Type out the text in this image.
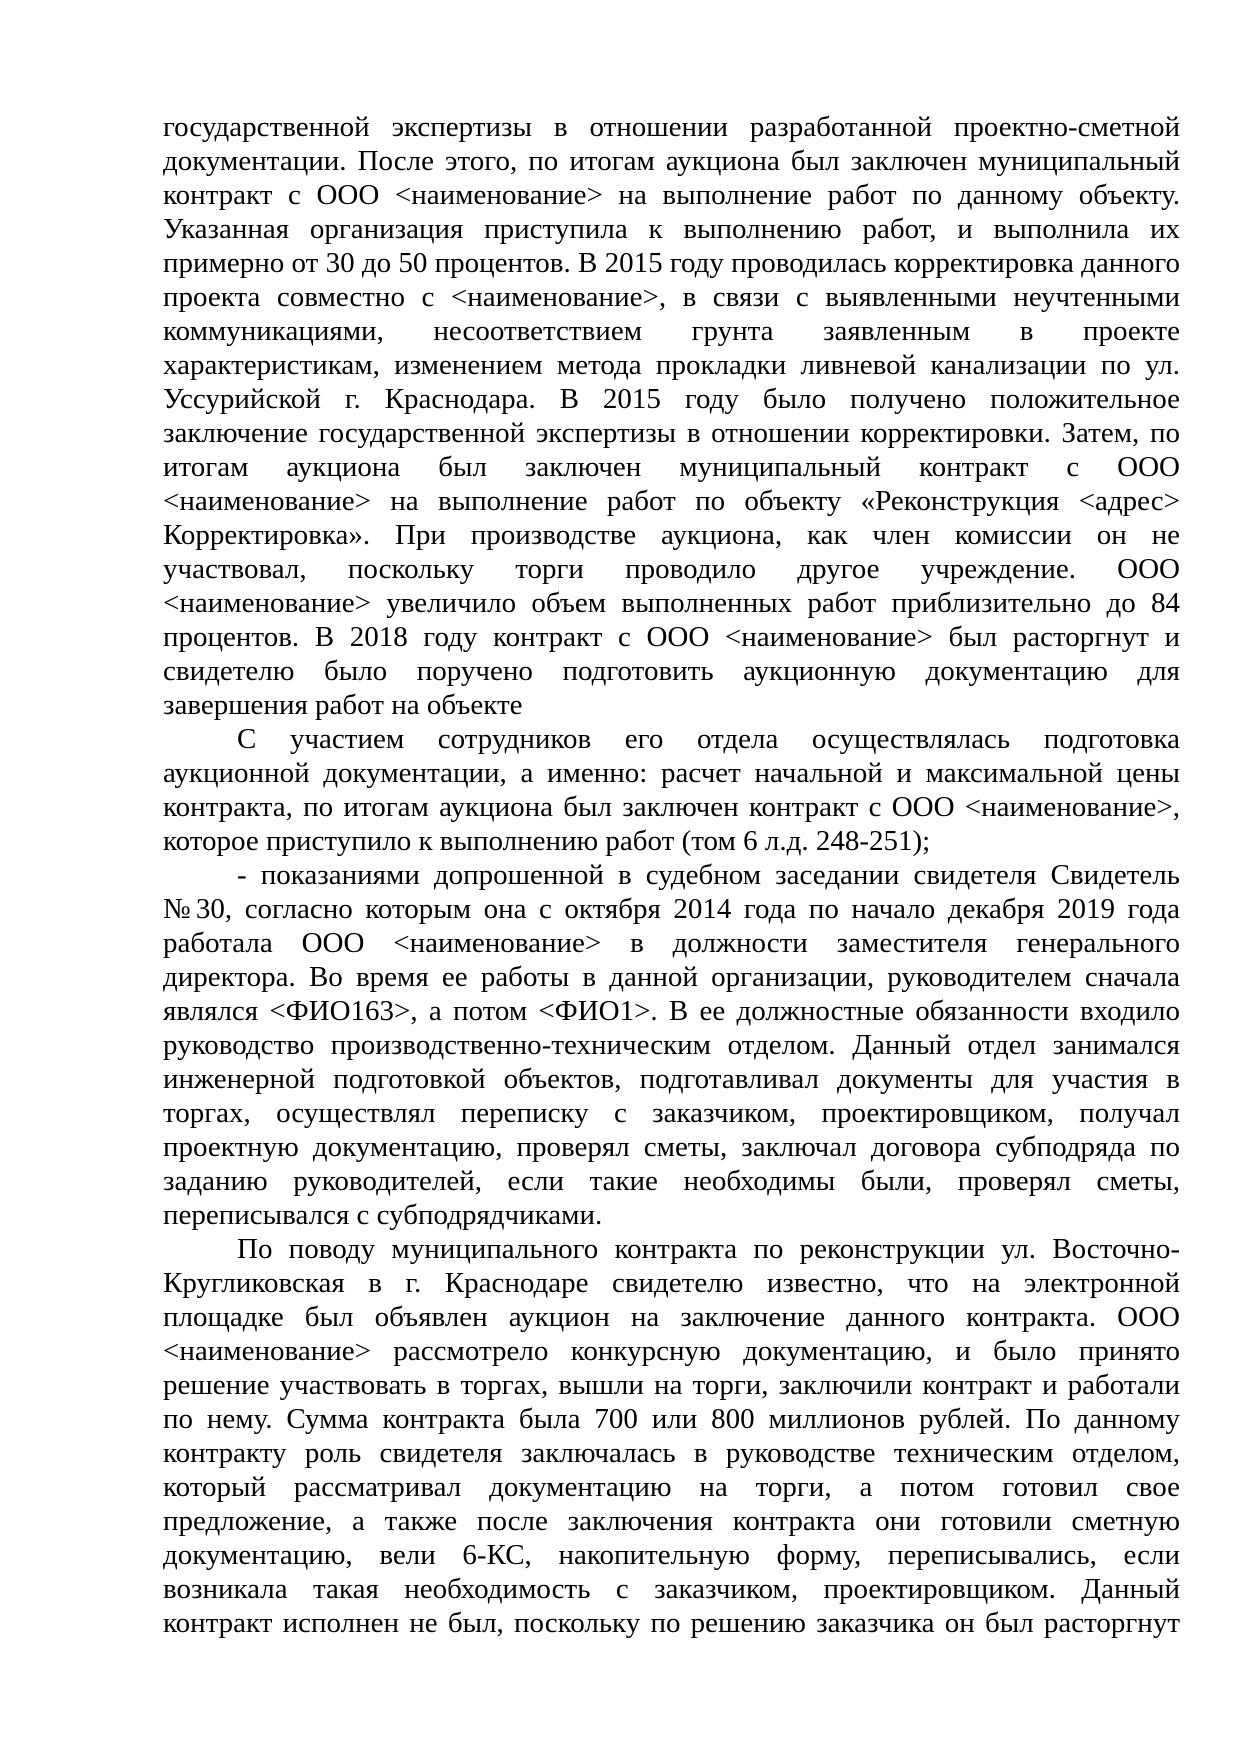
государственной экспертизы в отношении разработанной проектно-сметной
документации. После этого, по итогам аукциона был заключен муниципальный
контракт с ООО <наименование> на выполнение работ по данному объекту.
Указанная организация приступила к выполнению работ, и выполнила их
примерно от 30 до 50 процентов. В 2015 году проводилась корректировка данного
проекта совместно с <наименование>, в связи с выявленными неучтенными
коммуникациями, несоответствием грунта заявленным в проекте
характеристикам, изменением метода прокладки ливневой канализации по ул.
Уссурийской г. Краснодара. В 2015 году было получено положительное
заключение государственной экспертизы в отношении корректировки. Затем, по
итогам аукциона был заключен муниципальный контракт с ООО
<наименование> на выполнение работ по объекту «Реконструкция <адрес>
Корректировка». При производстве аукциона, как член комиссии он не
участвовал, поскольку торги проводило другое учреждение. ООО
<наименование> увеличило объем выполненных работ приблизительно до 84
процентов. В 2018 году контракт с ООО <наименование> был расторгнут и
свидетелю было поручено подготовить аукционную документацию для
завершения работ на объекте
С участием сотрудников его отдела осуществлялась подготовка
аукционной документации, а именно: расчет начальной и максимальной цены
контракта, по итогам аукциона был заключен контракт с ООО <наименование>,
которое приступило к выполнению работ (том 6 л.д. 248-251);
- показаниями допрошенной в судебном заседании свидетеля Свидетель
№30, согласно которым она с октября 2014 года по начало декабря 2019 года
работала ООО <наименование> в должности заместителя генерального
директора. Во время ее работы в данной организации, руководителем сначала
являлся <ФИО163>, а потом <ФИО1>. В ее должностные обязанности входило
руководство производственно-техническим отделом. Данный отдел занимался
инженерной подготовкой объектов, подготавливал документы для участия в
торгах, осуществлял переписку с заказчиком, проектировщиком, получал
проектную документацию, проверял сметы, заключал договора субподряда по
заданию руководителей, если такие необходимы были, проверял сметы,
переписывался с субподрядчиками.
По поводу муниципального контракта по реконструкции ул. Восточно-
Кругликовская в г. Краснодаре свидетелю известно, что на электронной
площадке был объявлен аукцион на заключение данного контракта. ООО
<наименование> рассмотрело конкурсную документацию, и было принято
решение участвовать в торгах, вышли на торги, заключили контракт и работали
по нему. Сумма контракта была 700 или 800 миллионов рублей. По данному
контракту роль свидетеля заключалась в руководстве техническим отделом,
который рассматривал документацию на торги, а потом готовил свое
предложение, а также после заключения контракта они готовили сметную
документацию, вели 6-КС, накопительную форму, переписывались, если
возникала такая необходимость с заказчиком, проектировщиком. Данный
контракт исполнен не был, поскольку по решению заказчика он был расторгнут
